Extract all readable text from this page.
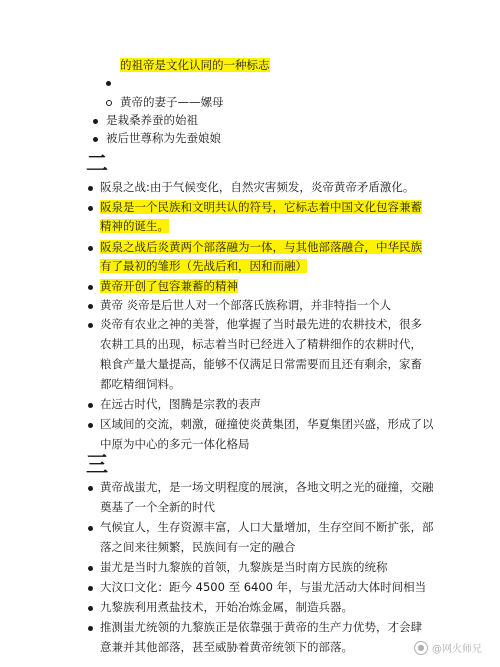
的祖帝是文化认同的一种标志
黄帝的妻子——嫘母
是栽桑养蚕的始祖
被后世尊称为先蚕娘娘
二
阪泉之战:由于气候变化，自然灾害频发，炎帝黄帝矛盾激化。
阪泉是一个民族和文明共认的符号，它标志着中国文化包容兼蓄
精神的诞生。
阪泉之战后炎黄两个部落融为一体，与其他部落融合，中华民族
有了最初的雏形（先战后和，因和而融）
黄帝开创了包容兼蓄的精神
黄帝 炎帝是后世人对一个部落氏族称谓，并非特指一个人
炎帝有农业之神的美誉，他掌握了当时最先进的农耕技术，很多
农耕工具的出现，标志着当时已经进入了精耕细作的农耕时代，
粮食产量大量提高，能够不仅满足日常需要而且还有剩余，家畜
都吃精细饲料。
在远古时代，图腾是宗教的表声
区域间的交流，刺激，碰撞使炎黄集团，华夏集团兴盛，形成了以
中原为中心的多元一体化格局
三
黄帝战蚩尤，是一场文明程度的展演，各地文明之光的碰撞，交融
奠基了一个全新的时代
气候宜人，生存资源丰富，人口大量增加，生存空间不断扩张，部
落之间来往频繁，民族间有一定的融合
蚩尤是当时九黎族的首领，九黎族是当时南方民族的统称
大汶口文化：距今 4500 至 6400 年，与蚩尤活动大体时间相当
九黎族利用煮盐技术，开始冶炼金属，制造兵器。
推测蚩尤统领的九黎族正是依靠强于黄帝的生产力优势，才会肆
意兼并其他部落，甚至威胁着黄帝统领下的部落。	● @网火师兄
